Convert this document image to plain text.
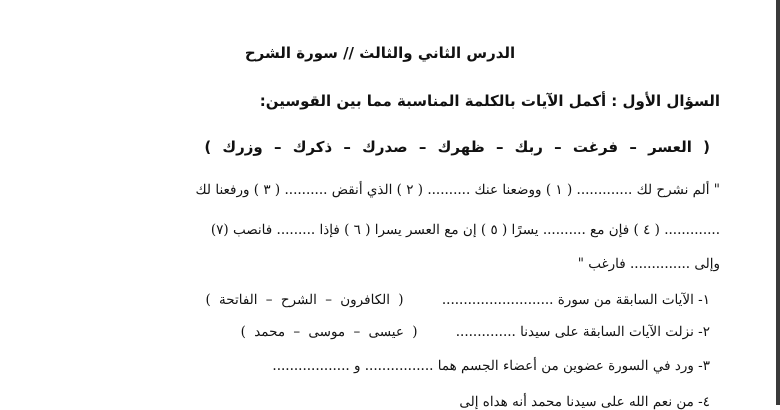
الدرس الثاني والثالث // سورة الشرح
السؤال الأول : أكمل الآيات بالكلمة المناسبة مما بين القوسين:
( العسر – فرغت – ربك – ظهرك – صدرك – ذكرك – وزرك )
" ألم نشرح لك ............. ( ١ ) ووضعنا عنك .......... ( ٢ ) الذي أنقض .......... ( ٣ ) ورفعنا لك
............. ( ٤ ) فإن مع .......... يسرًا ( ٥ ) إن مع العسر يسرا ( ٦ ) فإذا ......... فانصب (٧)
وإلى .............. فارغب "
١- الآيات السابقة من سورة .......................... ( الكافرون – الشرح – الفاتحة )
٢- نزلت الآيات السابقة على سيدنا .............. ( عيسى – موسى – محمد )
٣- ورد في السورة عضوين من أعضاء الجسم هما ................ و ..................
٤- من نعم الله على سيدنا محمد أنه هداه إلى
